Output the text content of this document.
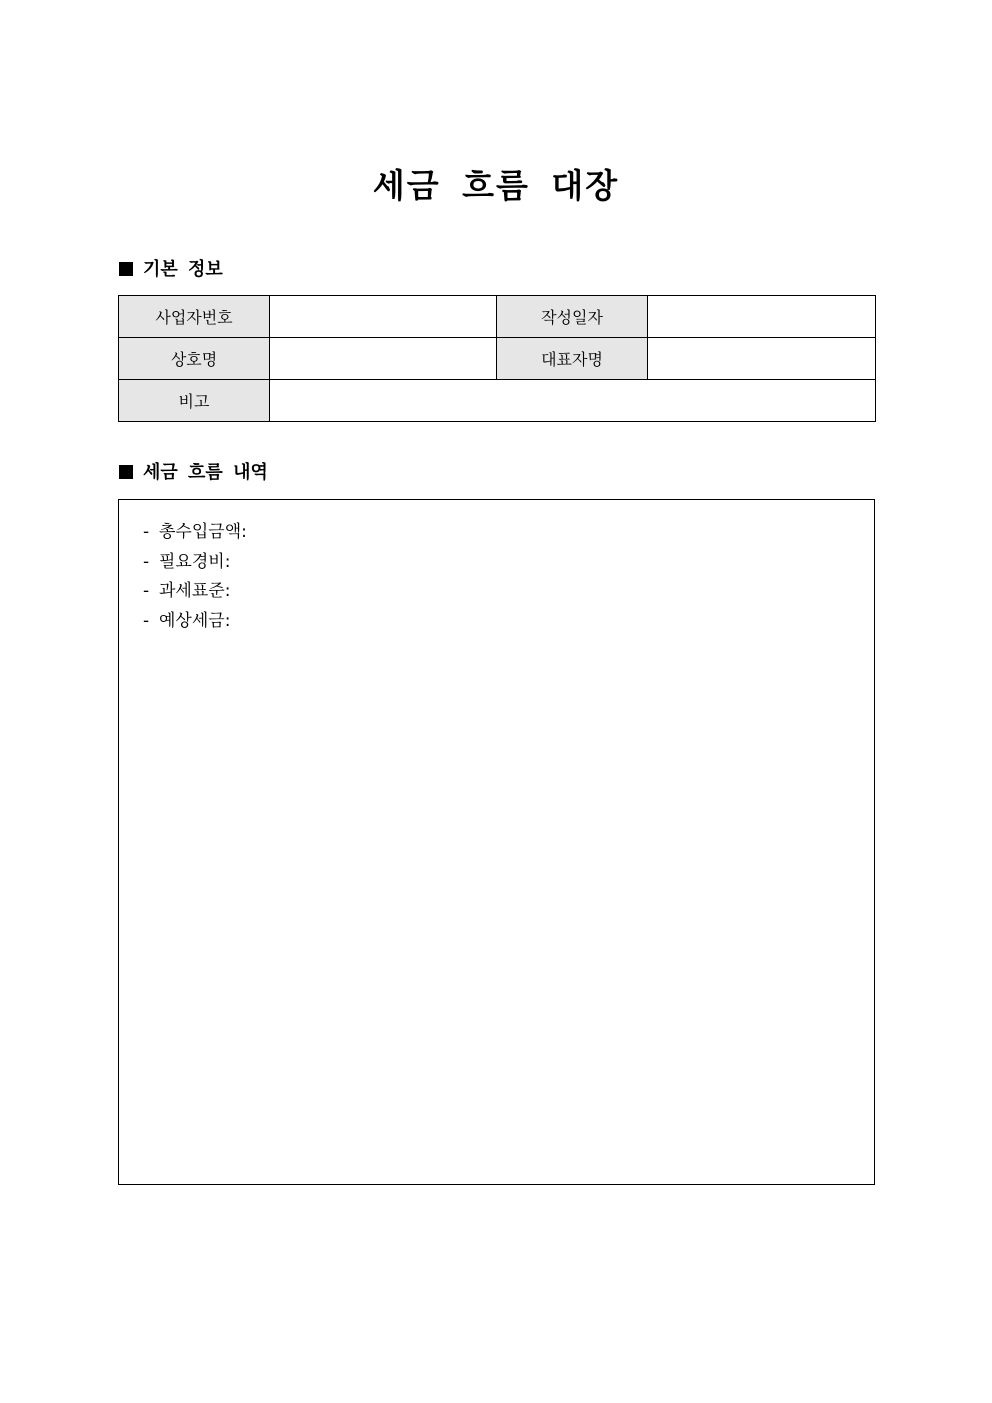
세금 흐름 대장
기본 정보
사업자번호		작성일자	
상호명		대표자명	
비고			
세금 흐름 내역
- 총수입금액:
- 필요경비:
- 과세표준:
- 예상세금:
